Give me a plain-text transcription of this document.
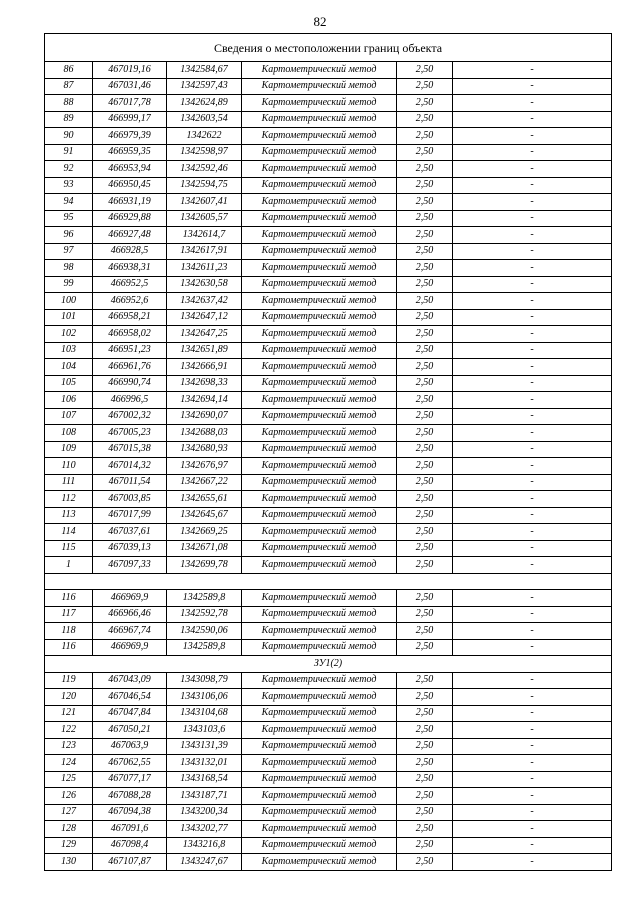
82
Сведения о местоположении границ объекта					
86	467019,16	1342584,67	Картометрический метод	2,50	-
87	467031,46	1342597,43	Картометрический метод	2,50	-
88	467017,78	1342624,89	Картометрический метод	2,50	-
89	466999,17	1342603,54	Картометрический метод	2,50	-
90	466979,39	1342622	Картометрический метод	2,50	-
91	466959,35	1342598,97	Картометрический метод	2,50	-
92	466953,94	1342592,46	Картометрический метод	2,50	-
93	466950,45	1342594,75	Картометрический метод	2,50	-
94	466931,19	1342607,41	Картометрический метод	2,50	-
95	466929,88	1342605,57	Картометрический метод	2,50	-
96	466927,48	1342614,7	Картометрический метод	2,50	-
97	466928,5	1342617,91	Картометрический метод	2,50	-
98	466938,31	1342611,23	Картометрический метод	2,50	-
99	466952,5	1342630,58	Картометрический метод	2,50	-
100	466952,6	1342637,42	Картометрический метод	2,50	-
101	466958,21	1342647,12	Картометрический метод	2,50	-
102	466958,02	1342647,25	Картометрический метод	2,50	-
103	466951,23	1342651,89	Картометрический метод	2,50	-
104	466961,76	1342666,91	Картометрический метод	2,50	-
105	466990,74	1342698,33	Картометрический метод	2,50	-
106	466996,5	1342694,14	Картометрический метод	2,50	-
107	467002,32	1342690,07	Картометрический метод	2,50	-
108	467005,23	1342688,03	Картометрический метод	2,50	-
109	467015,38	1342680,93	Картометрический метод	2,50	-
110	467014,32	1342676,97	Картометрический метод	2,50	-
111	467011,54	1342667,22	Картометрический метод	2,50	-
112	467003,85	1342655,61	Картометрический метод	2,50	-
113	467017,99	1342645,67	Картометрический метод	2,50	-
114	467037,61	1342669,25	Картометрический метод	2,50	-
115	467039,13	1342671,08	Картометрический метод	2,50	-
1	467097,33	1342699,78	Картометрический метод	2,50	-

116	466969,9	1342589,8	Картометрический метод	2,50	-
117	466966,46	1342592,78	Картометрический метод	2,50	-
118	466967,74	1342590,06	Картометрический метод	2,50	-
116	466969,9	1342589,8	Картометрический метод	2,50	-
ЗУ1(2)					
119	467043,09	1343098,79	Картометрический метод	2,50	-
120	467046,54	1343106,06	Картометрический метод	2,50	-
121	467047,84	1343104,68	Картометрический метод	2,50	-
122	467050,21	1343103,6	Картометрический метод	2,50	-
123	467063,9	1343131,39	Картометрический метод	2,50	-
124	467062,55	1343132,01	Картометрический метод	2,50	-
125	467077,17	1343168,54	Картометрический метод	2,50	-
126	467088,28	1343187,71	Картометрический метод	2,50	-
127	467094,38	1343200,34	Картометрический метод	2,50	-
128	467091,6	1343202,77	Картометрический метод	2,50	-
129	467098,4	1343216,8	Картометрический метод	2,50	-
130	467107,87	1343247,67	Картометрический метод	2,50	-
